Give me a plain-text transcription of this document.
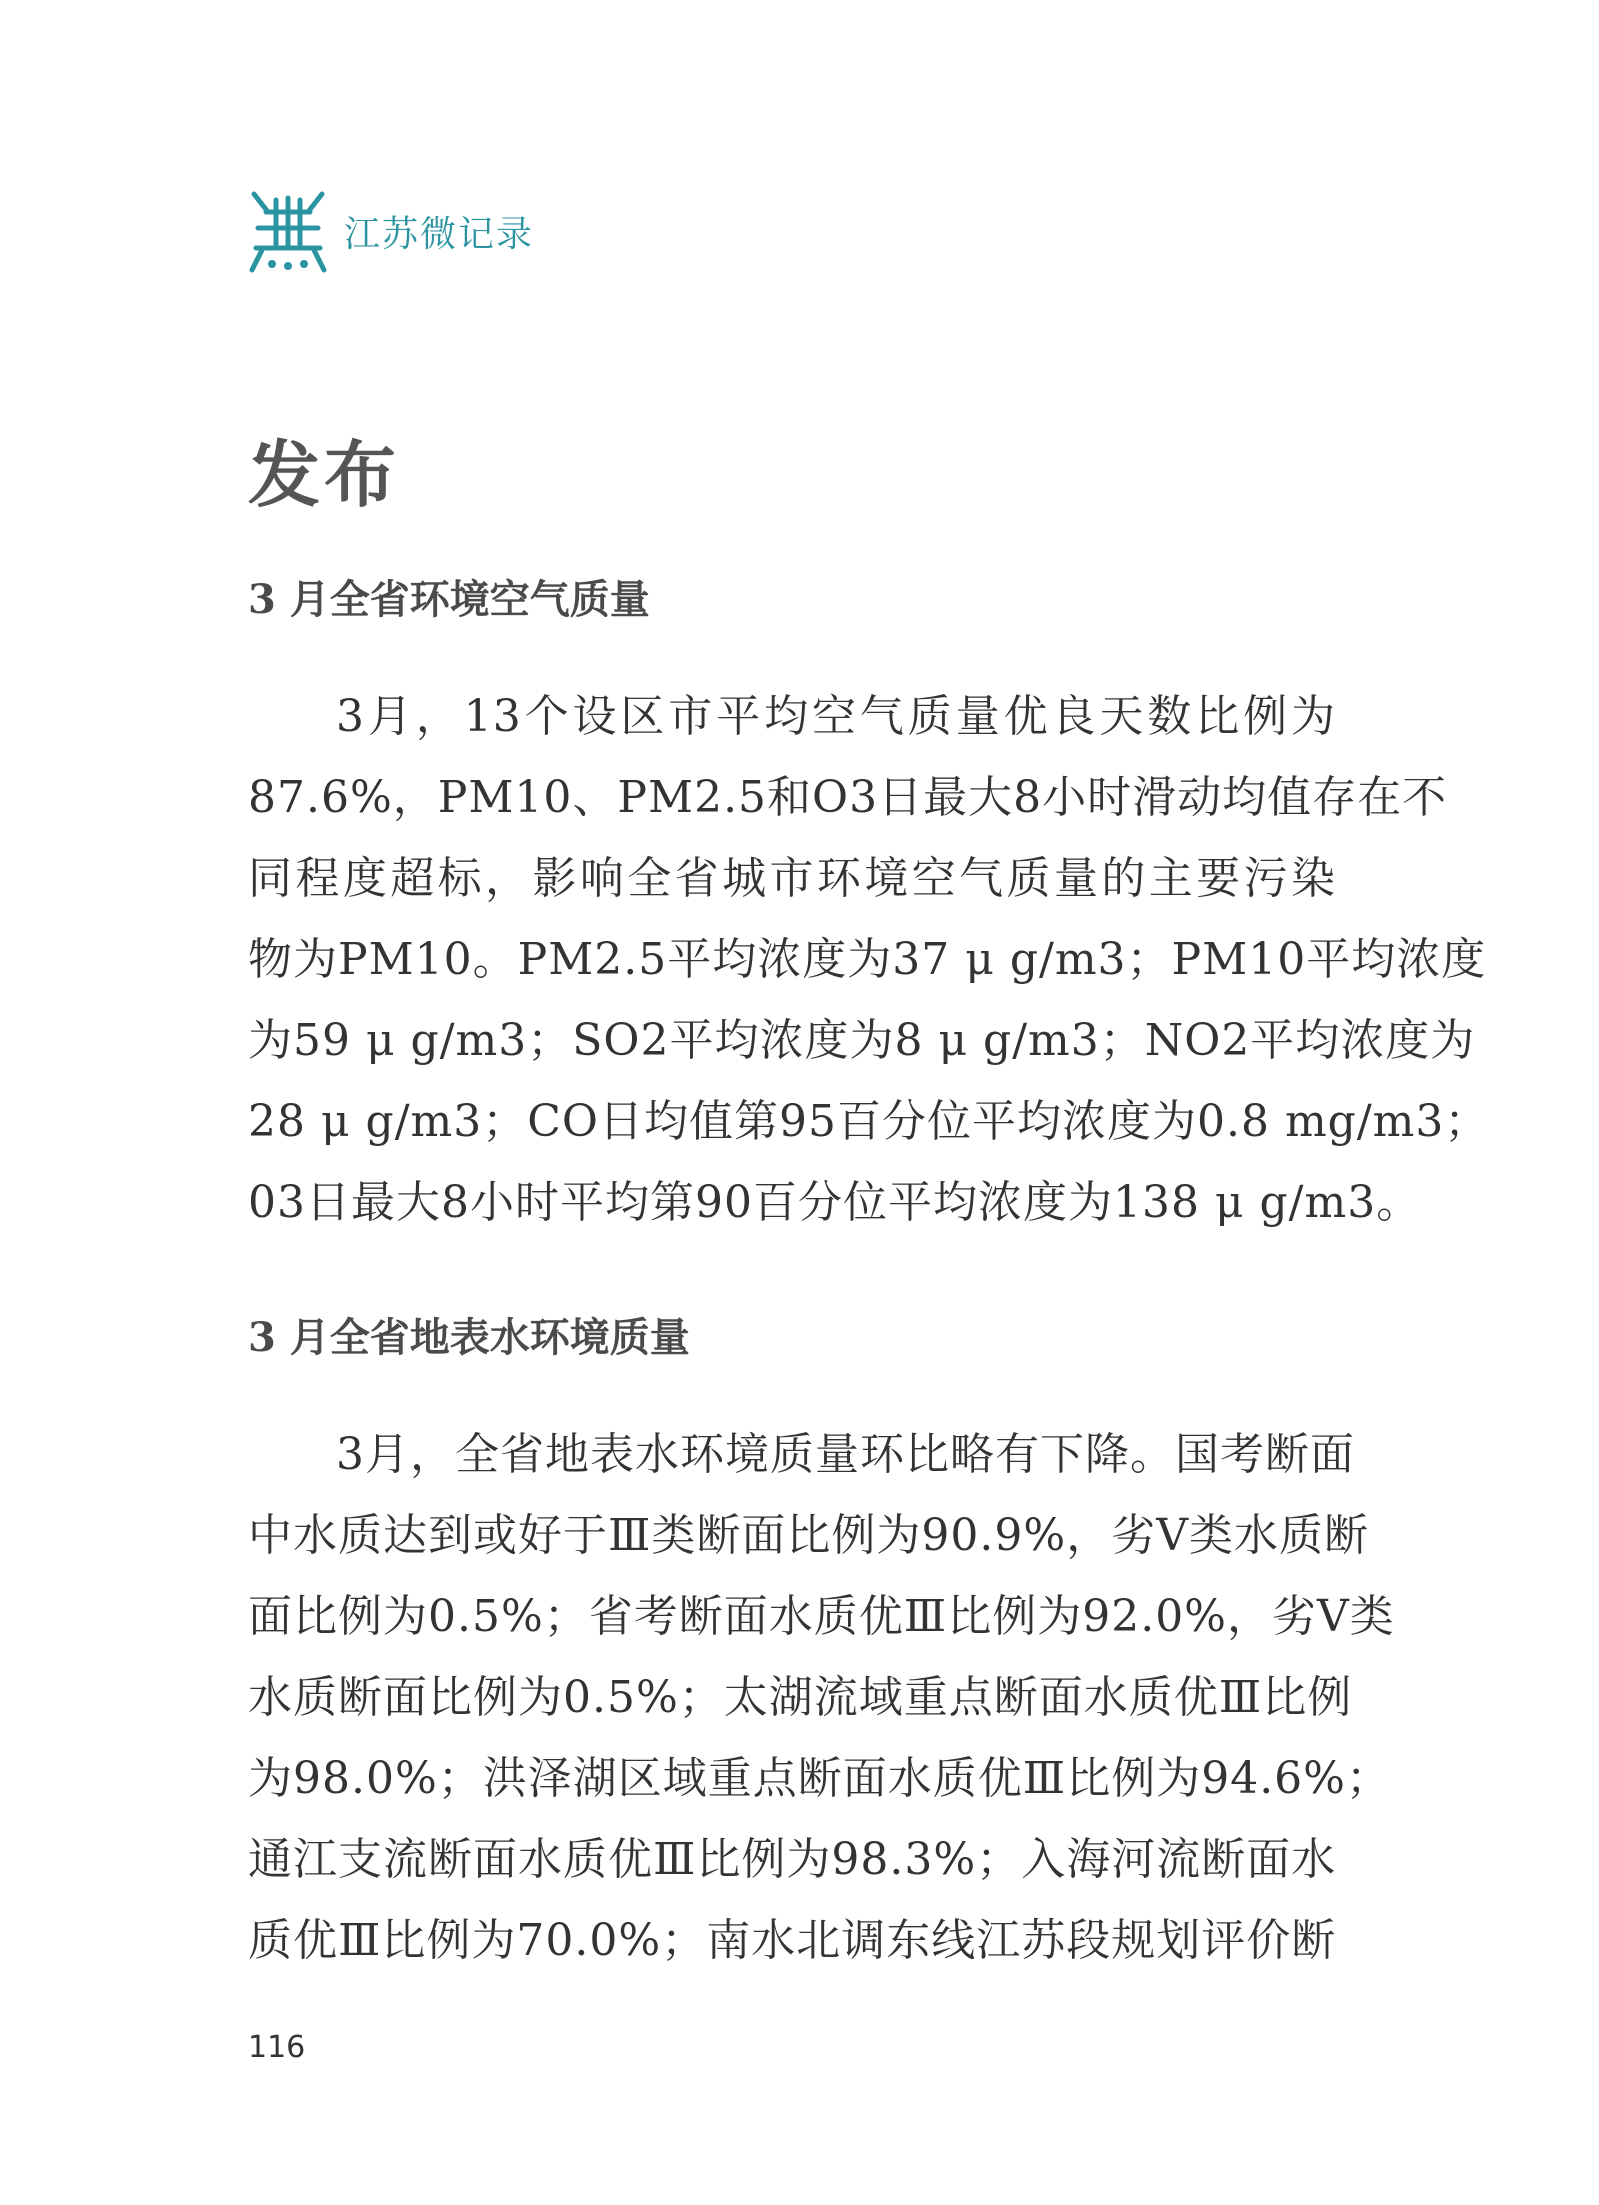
江苏微记录
发布
3 月全省环境空气质量
3月，13个设区市平均空气质量优良天数比例为
87.6%，PM10、PM2.5和O3日最大8小时滑动均值存在不
同程度超标，影响全省城市环境空气质量的主要污染
物为PM10。PM2.5平均浓度为37 μ g/m3；PM10平均浓度
为59 μ g/m3；SO2平均浓度为8 μ g/m3；NO2平均浓度为
28 μ g/m3；CO日均值第95百分位平均浓度为0.8 mg/m3；
03日最大8小时平均第90百分位平均浓度为138 μ g/m3。
3 月全省地表水环境质量
3月，全省地表水环境质量环比略有下降。国考断面
中水质达到或好于Ⅲ类断面比例为90.9%，劣Ⅴ类水质断
面比例为0.5%；省考断面水质优Ⅲ比例为92.0%，劣Ⅴ类
水质断面比例为0.5%；太湖流域重点断面水质优Ⅲ比例
为98.0%；洪泽湖区域重点断面水质优Ⅲ比例为94.6%；
通江支流断面水质优Ⅲ比例为98.3%；入海河流断面水
质优Ⅲ比例为70.0%；南水北调东线江苏段规划评价断
116
